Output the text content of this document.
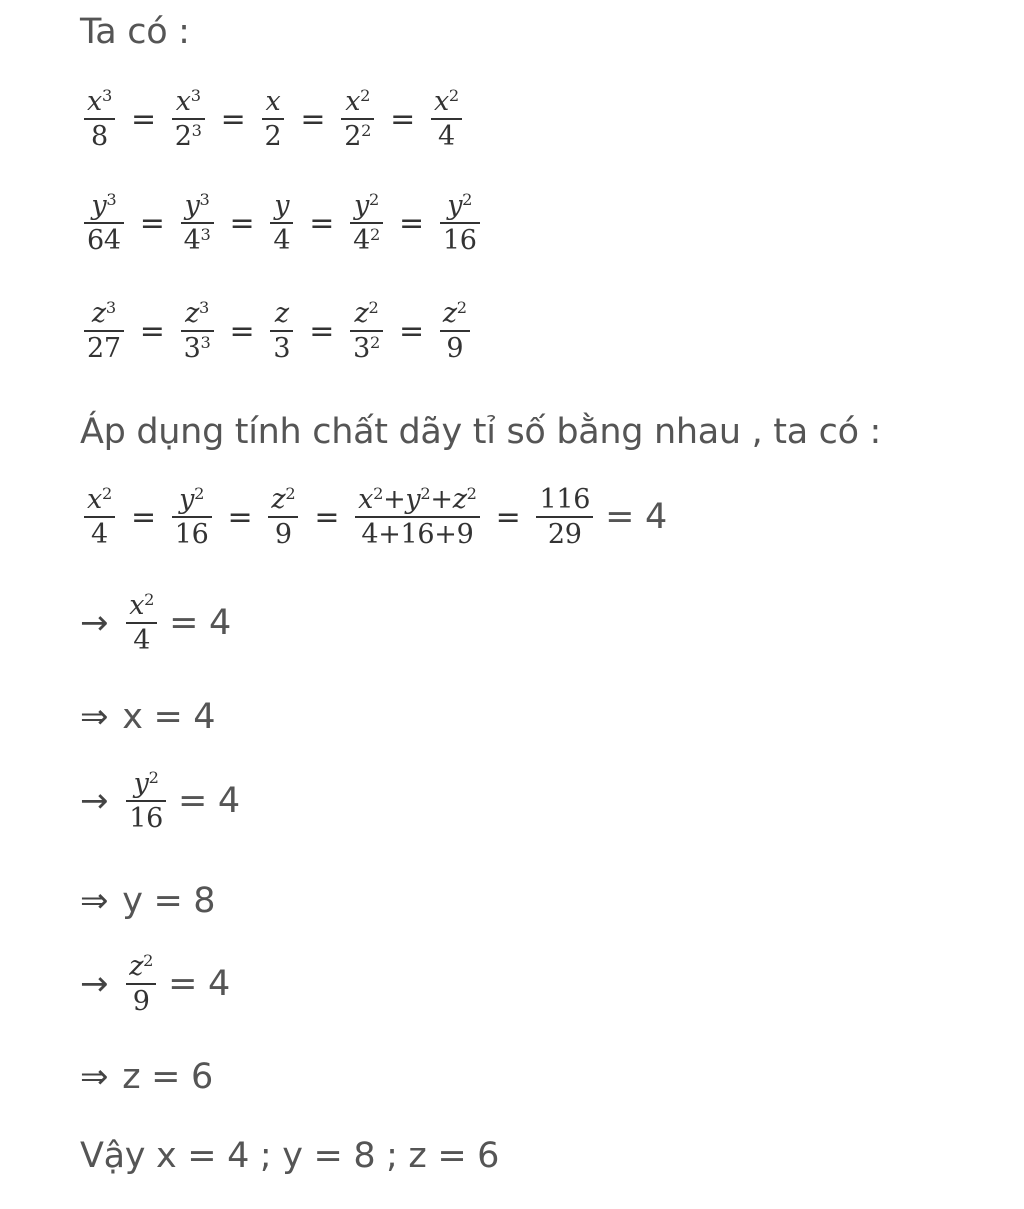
Ta có :
$\frac{x^3}{8} = \frac{x^3}{2^3} = \frac{x}{2} = \frac{x^2}{2^2} = \frac{x^2}{4}$
$\frac{y^3}{64} = \frac{y^3}{4^3} = \frac{y}{4} = \frac{y^2}{4^2} = \frac{y^2}{16}$
$\frac{z^3}{27} = \frac{z^3}{3^3} = \frac{z}{3} = \frac{z^2}{3^2} = \frac{z^2}{9}$
Áp dụng tính chất dãy tỉ số bằng nhau , ta có :
$\frac{x^2}{4} = \frac{y^2}{16} = \frac{z^2}{9} = \frac{x^2+y^2+z^2}{4+16+9} = \frac{116}{29} = 4$
→ $\frac{x^2}{4} = 4$
⇒ x = 4
→ $\frac{y^2}{16} = 4$
⇒ y = 8
→ $\frac{z^2}{9} = 4$
⇒ z = 6
Vậy x = 4 ; y = 8 ; z = 6
